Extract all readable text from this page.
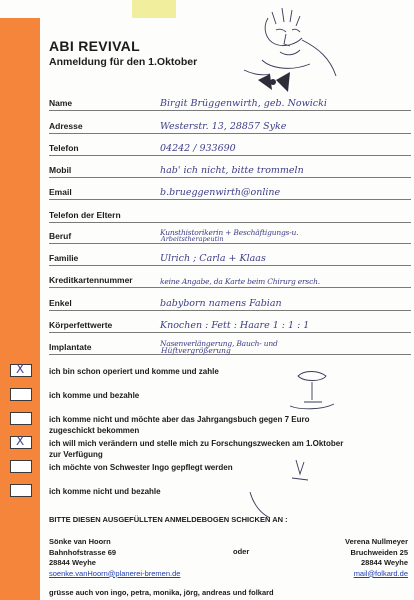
ABI REVIVAL
Anmeldung für den 1.Oktober
Name	Birgit Brüggenwirth, geb. Nowicki
Adresse	Westerstr. 13, 28857 Syke
Telefon	04242 / 933690
Mobil	hab' ich nicht, bitte trommeln
Email	b.brueggenwirth@online
Telefon der Eltern
Beruf	Kunsthistorikerin + Beschäftigungs-u.
Arbeitstherapeutin
Familie	Ulrich ; Carla + Klaas
Kreditkartennummer	keine Angabe, da Karte beim Chirurg ersch.
Enkel	babyborn namens Fabian
Körperfettwerte	Knochen : Fett : Haare 1 : 1 : 1
Implantate	Nasenverlängerung, Bauch- und
Hüftvergrößerung
X	ich bin schon operiert und komme und zahle
ich komme und bezahle
ich komme nicht und möchte aber das Jahrgangsbuch gegen 7 Euro zugeschickt bekommen
X	ich will mich verändern und stelle mich zu Forschungszwecken am 1.Oktober zur Verfügung
ich möchte von Schwester Ingo gepflegt werden
ich komme nicht und bezahle
BITTE DIESEN AUSGEFÜLLTEN ANMELDEBOGEN SCHICKEN AN :
Sönke van Hoorn
Bahnhofstrasse 69
28844 Weyhe
soenke.vanHoorn@planerei-bremen.de
oder
Verena Nullmeyer
Bruchweiden 25
28844 Weyhe
mail@folkard.de
grüsse auch von ingo, petra, monika, jörg, andreas und folkard
